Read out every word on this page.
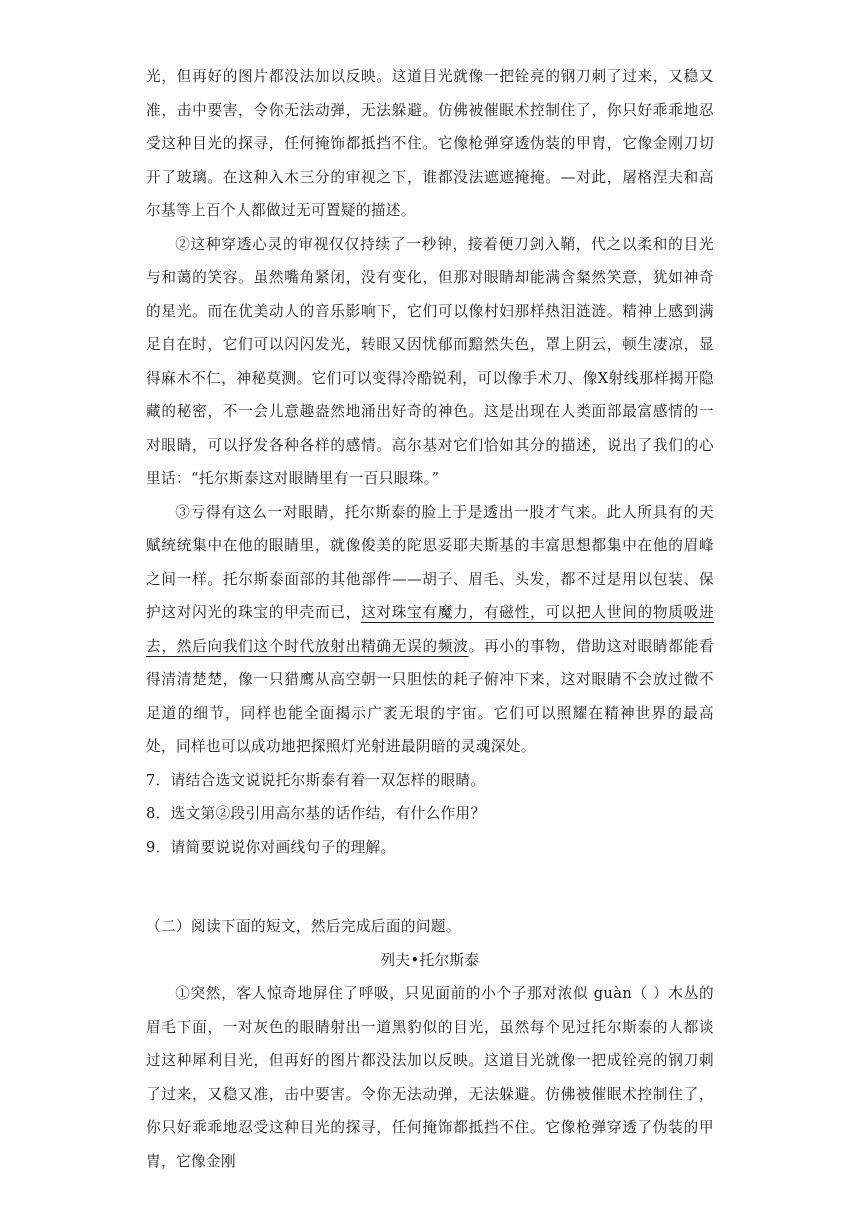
光，但再好的图片都没法加以反映。这道目光就像一把铨亮的钢刀刺了过来，又稳又准，击中要害，令你无法动弹，无法躲避。仿佛被催眠术控制住了，你只好乖乖地忍受这种目光的探寻，任何掩饰都抵挡不住。它像枪弹穿透伪装的甲胄，它像金刚刀切开了玻璃。在这种入木三分的审视之下，谁都没法遮遮掩掩。—对此，屠格涅夫和高尔基等上百个人都做过无可置疑的描述。

②这种穿透心灵的审视仅仅持续了一秒钟，接着便刀剑入鞘，代之以柔和的目光与和蔼的笑容。虽然嘴角紧闭，没有变化，但那对眼睛却能满含粲然笑意，犹如神奇的星光。而在优美动人的音乐影响下，它们可以像村妇那样热泪涟涟。精神上感到满足自在时，它们可以闪闪发光，转眼又因忧郁而黯然失色，罩上阴云，顿生凄凉，显得麻木不仁，神秘莫测。它们可以变得冷酷锐利，可以像手术刀、像X射线那样揭开隐藏的秘密，不一会儿意趣盎然地涌出好奇的神色。这是出现在人类面部最富感情的一对眼睛，可以抒发各种各样的感情。高尔基对它们恰如其分的描述，说出了我们的心里话：“托尔斯泰这对眼睛里有一百只眼珠。”

③亏得有这么一对眼睛，托尔斯泰的脸上于是透出一股才气来。此人所具有的天赋统统集中在他的眼睛里，就像俊美的陀思妥耶夫斯基的丰富思想都集中在他的眉峰之间一样。托尔斯泰面部的其他部件——胡子、眉毛、头发，都不过是用以包装、保护这对闪光的珠宝的甲壳而已，这对珠宝有魔力，有磁性，可以把人世间的物质吸进去，然后向我们这个时代放射出精确无误的频波。再小的事物，借助这对眼睛都能看得清清楚楚，像一只猎鹰从高空朝一只胆怯的耗子俯冲下来，这对眼睛不会放过微不足道的细节，同样也能全面揭示广袤无垠的宇宙。它们可以照耀在精神世界的最高处，同样也可以成功地把探照灯光射进最阴暗的灵魂深处。

7．请结合选文说说托尔斯泰有着一双怎样的眼睛。

8．选文第②段引用高尔基的话作结，有什么作用？

9．请简要说说你对画线句子的理解。

（二）阅读下面的短文，然后完成后面的问题。

列夫•托尔斯泰

①突然，客人惊奇地屏住了呼吸，只见面前的小个子那对浓似 guàn（ ）木丛的眉毛下面，一对灰色的眼睛射出一道黑豹似的目光，虽然每个见过托尔斯泰的人都谈过这种犀利目光，但再好的图片都没法加以反映。这道目光就像一把成铨亮的钢刀刺了过来，又稳又准，击中要害。令你无法动弹，无法躲避。仿佛被催眠术控制住了，你只好乖乖地忍受这种目光的探寻，任何掩饰都抵挡不住。它像枪弹穿透了伪装的甲胄，它像金刚
